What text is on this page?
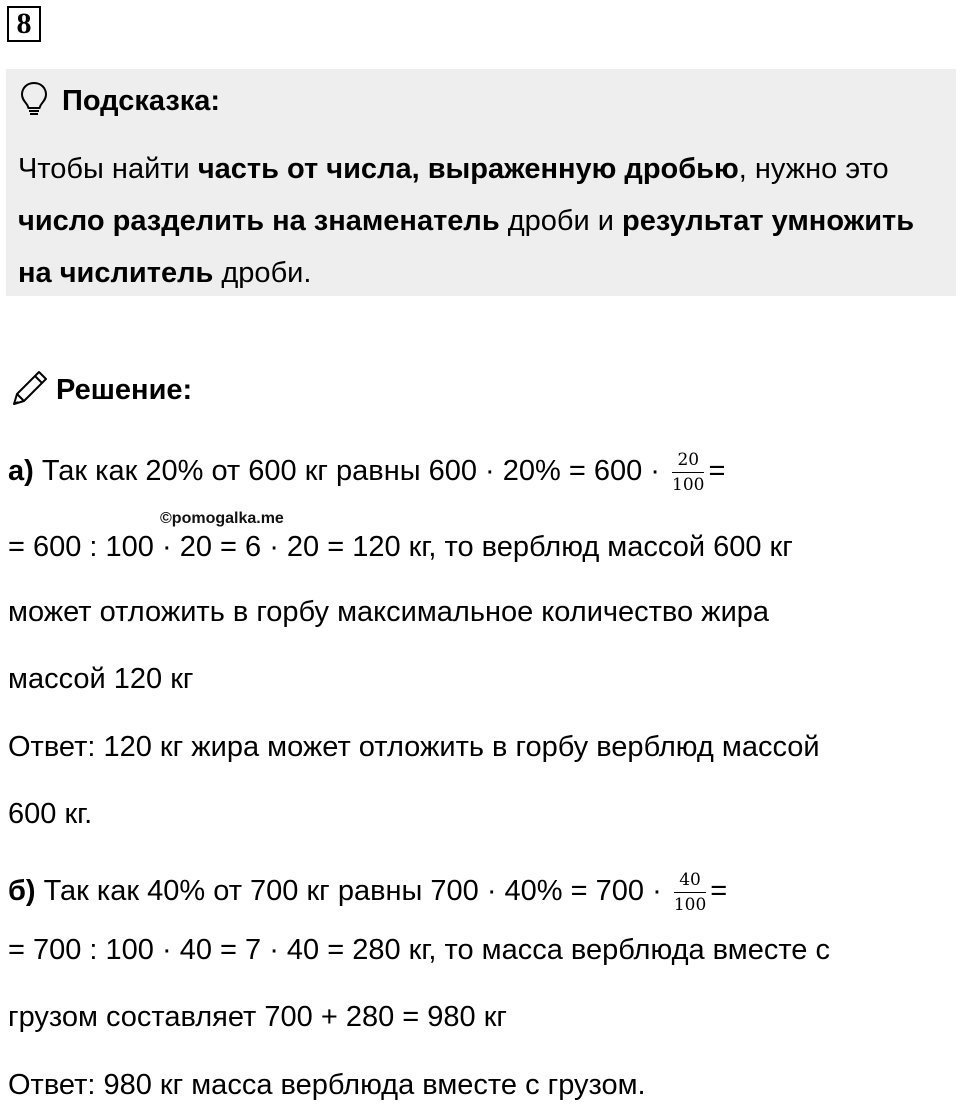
8
Подсказка:
Чтобы найти часть от числа, выраженную дробью, нужно это число разделить на знаменатель дроби и результат умножить на числитель дроби.
Решение:
а) Так как 20% от 600 кг равны $600 \cdot 20\% = 600 \cdot \frac{20}{100}$ =
©pomogalka.me
= 600 : 100 · 20 = 6 · 20 = 120 кг, то верблюд массой 600 кг
может отложить в горбу максимальное количество жира
массой 120 кг
Ответ: 120 кг жира может отложить в горбу верблюд массой
600 кг.
б) Так как 40% от 700 кг равны $700 \cdot 40\% = 700 \cdot \frac{40}{100}$ =
= 700 : 100 · 40 = 7 · 40 = 280 кг, то масса верблюда вместе с
грузом составляет 700 + 280 = 980 кг
Ответ: 980 кг масса верблюда вместе с грузом.
